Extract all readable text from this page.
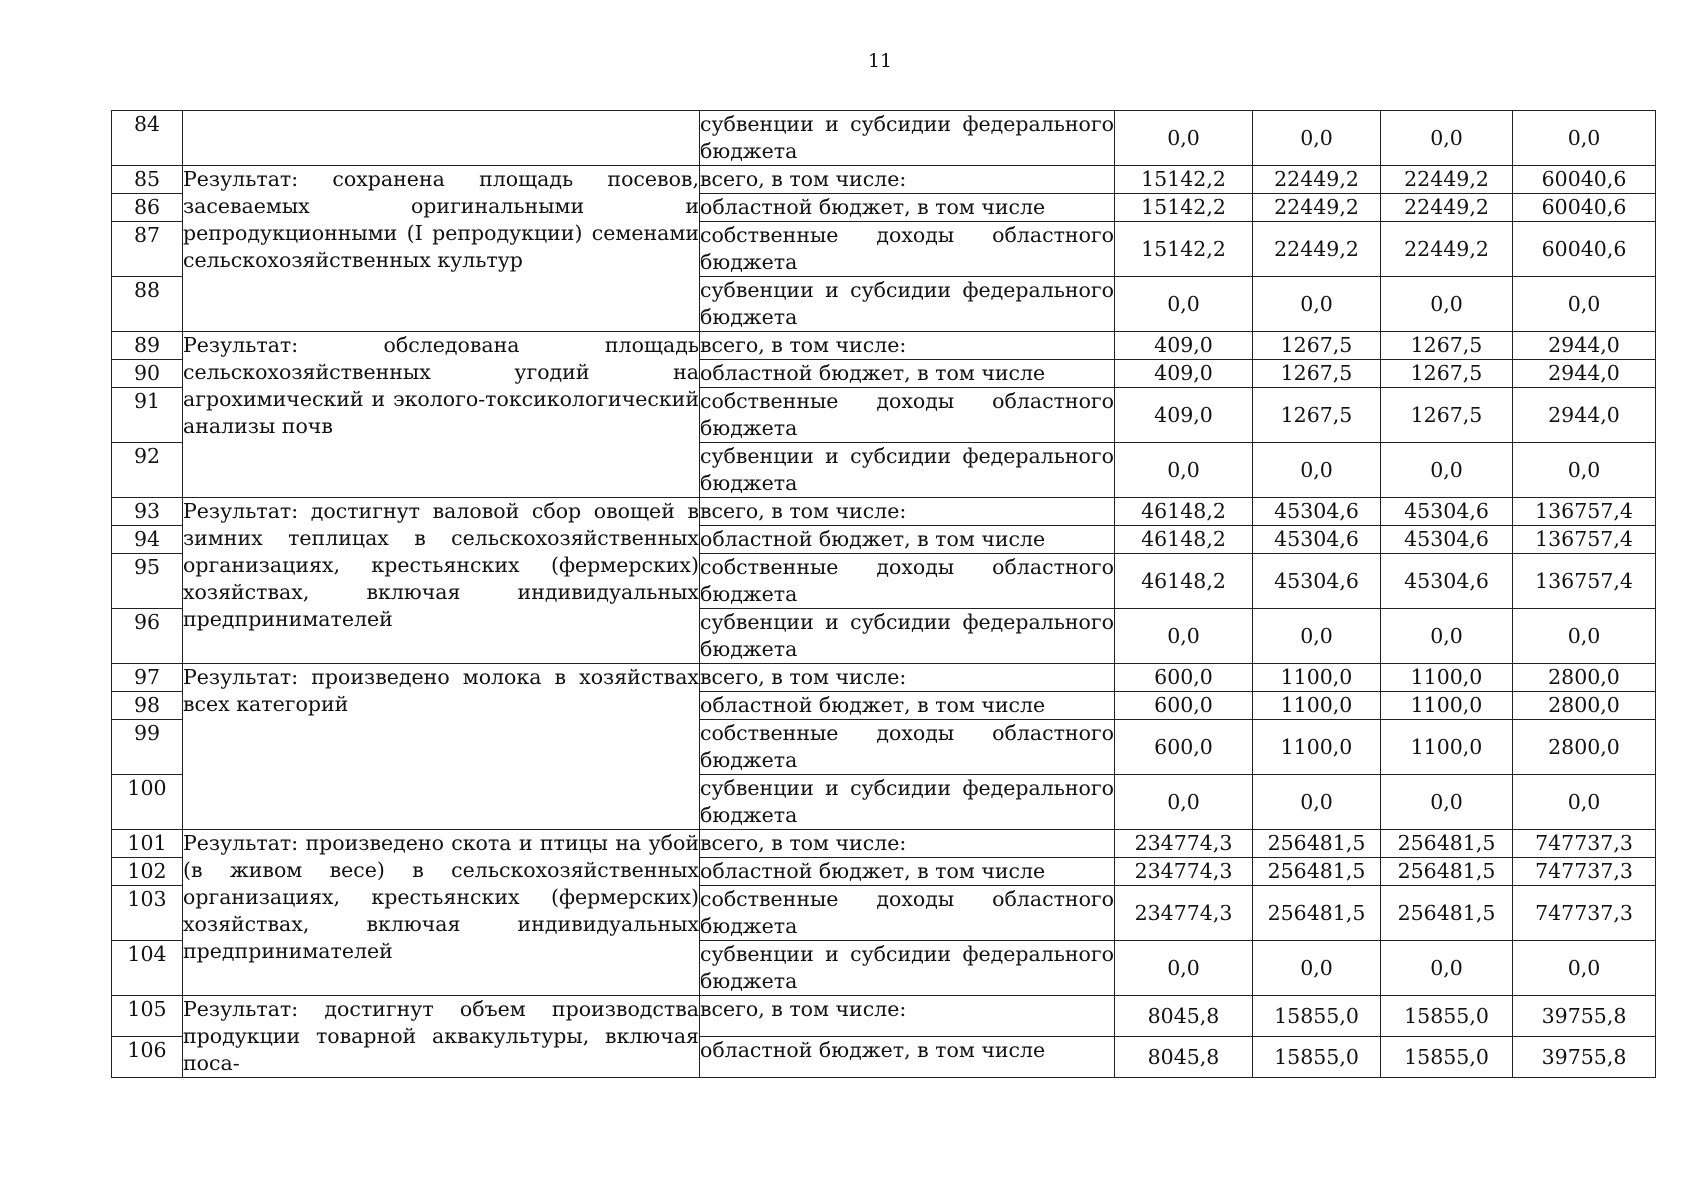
11
84		субвенции и субсидии федерального
бюджета	0,0	0,0	0,0	0,0
85	Результат: сохранена площадь посевов, засеваемых оригинальными и репродукционными (I репродукции) семенами сельскохозяйственных культур	всего, в том числе:	15142,2	22449,2	22449,2	60040,6
86		областной бюджет, в том числе	15142,2	22449,2	22449,2	60040,6
87		собственные доходы областного
бюджета	15142,2	22449,2	22449,2	60040,6
88		субвенции и субсидии федерального
бюджета	0,0	0,0	0,0	0,0
89	Результат: обследована площадь сельскохозяйственных угодий на агрохимический и эколого-токсикологический анализы почв	всего, в том числе:	409,0	1267,5	1267,5	2944,0
90		областной бюджет, в том числе	409,0	1267,5	1267,5	2944,0
91		собственные доходы областного
бюджета	409,0	1267,5	1267,5	2944,0
92		субвенции и субсидии федерального
бюджета	0,0	0,0	0,0	0,0
93	Результат: достигнут валовой сбор овощей в зимних теплицах в сельскохозяйственных организациях, крестьянских (фермерских) хозяйствах, включая индивидуальных предпринимателей	всего, в том числе:	46148,2	45304,6	45304,6	136757,4
94		областной бюджет, в том числе	46148,2	45304,6	45304,6	136757,4
95		собственные доходы областного
бюджета	46148,2	45304,6	45304,6	136757,4
96		субвенции и субсидии федерального
бюджета	0,0	0,0	0,0	0,0
97	Результат: произведено молока в хозяйствах всех категорий	всего, в том числе:	600,0	1100,0	1100,0	2800,0
98		областной бюджет, в том числе	600,0	1100,0	1100,0	2800,0
99		собственные доходы областного
бюджета	600,0	1100,0	1100,0	2800,0
100		субвенции и субсидии федерального
бюджета	0,0	0,0	0,0	0,0
101	Результат: произведено скота и птицы на убой (в живом весе) в сельскохозяйственных организациях, крестьянских (фермерских) хозяйствах, включая индивидуальных предпринимателей	всего, в том числе:	234774,3	256481,5	256481,5	747737,3
102		областной бюджет, в том числе	234774,3	256481,5	256481,5	747737,3
103		собственные доходы областного
бюджета	234774,3	256481,5	256481,5	747737,3
104		субвенции и субсидии федерального
бюджета	0,0	0,0	0,0	0,0
105	Результат: достигнут объем производства продукции товарной аквакультуры, включая поса-	всего, в том числе:	8045,8	15855,0	15855,0	39755,8
106		областной бюджет, в том числе	8045,8	15855,0	15855,0	39755,8
